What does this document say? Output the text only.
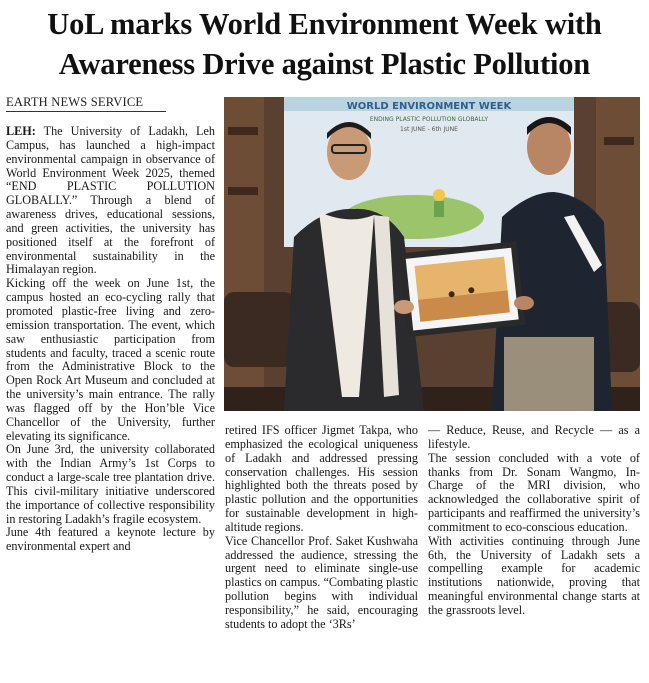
UoL marks World Environment Week with
Awareness Drive against Plastic Pollution
EARTH NEWS SERVICE

LEH: The University of Ladakh, Leh Campus, has launched a high-impact environmental campaign in observance of World Environment Week 2025, themed “END PLASTIC POLLUTION GLOBALLY.” Through a blend of awareness drives, educational sessions, and green activities, the university has positioned itself at the forefront of environmental sustainability in the Himalayan region.

Kicking off the week on June 1st, the campus hosted an eco-cycling rally that promoted plastic-free living and zero-emission transportation. The event, which saw enthusiastic participation from students and faculty, traced a scenic route from the Administrative Block to the Open Rock Art Museum and concluded at the university’s main entrance. The rally was flagged off by the Hon’ble Vice Chancellor of the University, further elevating its significance.

On June 3rd, the university collaborated with the Indian Army’s 1st Corps to conduct a large-scale tree plantation drive. This civil-military initiative underscored the importance of collective responsibility in restoring Ladakh’s fragile ecosystem.

June 4th featured a keynote lecture by environmental expert and

WORLD ENVIRONMENT WEEK
ENDING PLASTIC POLLUTION GLOBALLY
1st JUNE - 6th JUNE

retired IFS officer Jigmet Takpa, who emphasized the ecological uniqueness of Ladakh and addressed pressing conservation challenges. His session highlighted both the threats posed by plastic pollution and the opportunities for sustainable development in high-altitude regions.

Vice Chancellor Prof. Saket Kushwaha addressed the audience, stressing the urgent need to eliminate single-use plastics on campus. “Combating plastic pollution begins with individual responsibility,” he said, encouraging students to adopt the ‘3Rs’

— Reduce, Reuse, and Recycle — as a lifestyle.

The session concluded with a vote of thanks from Dr. Sonam Wangmo, In-Charge of the MRI division, who acknowledged the collaborative spirit of participants and reaffirmed the university’s commitment to eco-conscious education.

With activities continuing through June 6th, the University of Ladakh sets a compelling example for academic institutions nationwide, proving that meaningful environmental change starts at the grassroots level.
